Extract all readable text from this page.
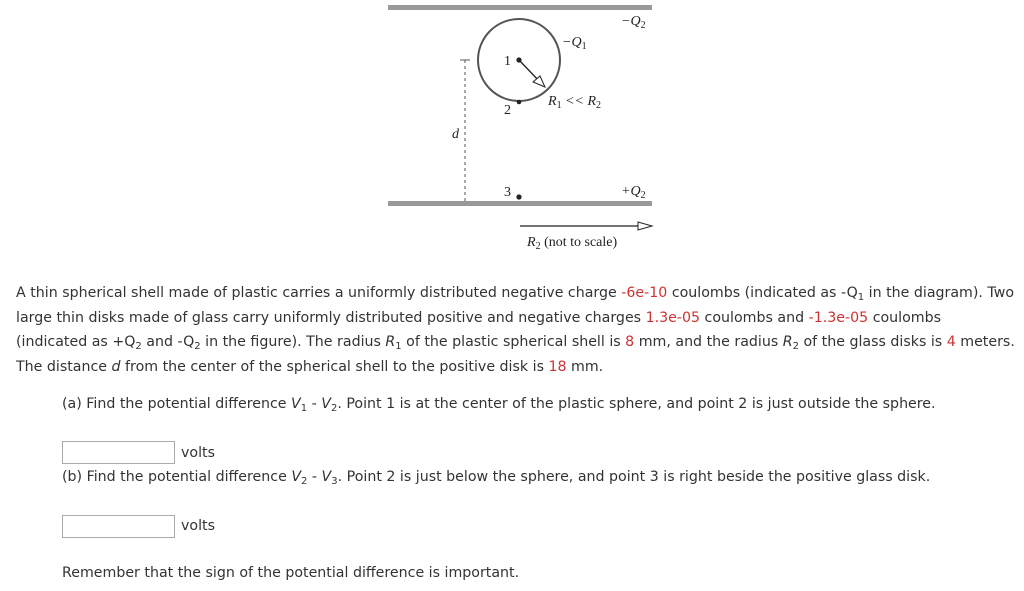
$-Q_2$
$-Q_1$
1
2
$R_1 << R_2$
d
3	$+Q_2$
$R_2$ (not to scale)
A thin spherical shell made of plastic carries a uniformly distributed negative charge -6e-10 coulombs (indicated as $-Q_1$ in the diagram). Two large thin disks made of glass carry uniformly distributed positive and negative charges 1.3e-05 coulombs and -1.3e-05 coulombs (indicated as $+Q_2$ and $-Q_2$ in the figure). The radius $R_1$ of the plastic spherical shell is 8 mm, and the radius $R_2$ of the glass disks is 4 meters. The distance d from the center of the spherical shell to the positive disk is 18 mm.
(a) Find the potential difference $V_1 - V_2$. Point 1 is at the center of the plastic sphere, and point 2 is just outside the sphere.
volts
(b) Find the potential difference $V_2 - V_3$. Point 2 is just below the sphere, and point 3 is right beside the positive glass disk.
volts
Remember that the sign of the potential difference is important.
